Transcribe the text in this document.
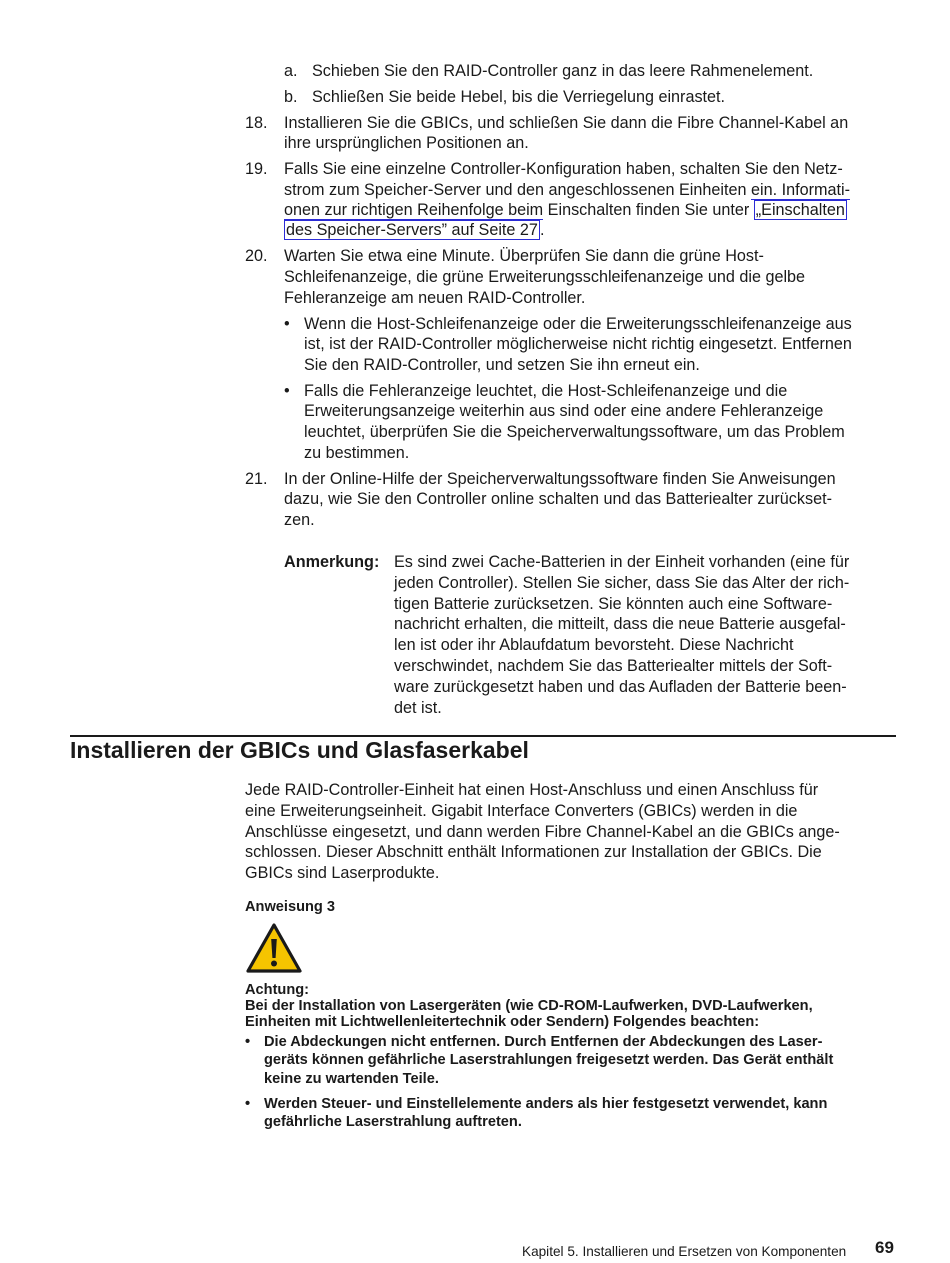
a. Schieben Sie den RAID-Controller ganz in das leere Rahmenelement.
b. Schließen Sie beide Hebel, bis die Verriegelung einrastet.
18. Installieren Sie die GBICs, und schließen Sie dann die Fibre Channel-Kabel an
ihre ursprünglichen Positionen an.
19. Falls Sie eine einzelne Controller-Konfiguration haben, schalten Sie den Netz-
strom zum Speicher-Server und den angeschlossenen Einheiten ein. Informati-
onen zur richtigen Reihenfolge beim Einschalten finden Sie unter „Einschalten
des Speicher-Servers” auf Seite 27 .
20. Warten Sie etwa eine Minute. Überprüfen Sie dann die grüne Host-
Schleifenanzeige, die grüne Erweiterungsschleifenanzeige und die gelbe
Fehleranzeige am neuen RAID-Controller.
• Wenn die Host-Schleifenanzeige oder die Erweiterungsschleifenanzeige aus
ist, ist der RAID-Controller möglicherweise nicht richtig eingesetzt. Entfernen
Sie den RAID-Controller, und setzen Sie ihn erneut ein.
• Falls die Fehleranzeige leuchtet, die Host-Schleifenanzeige und die
Erweiterungsanzeige weiterhin aus sind oder eine andere Fehleranzeige
leuchtet, überprüfen Sie die Speicherverwaltungssoftware, um das Problem
zu bestimmen.
21. In der Online-Hilfe der Speicherverwaltungssoftware finden Sie Anweisungen
dazu, wie Sie den Controller online schalten und das Batteriealter zurückset-
zen.
Anmerkung: Es sind zwei Cache-Batterien in der Einheit vorhanden (eine für
jeden Controller). Stellen Sie sicher, dass Sie das Alter der rich-
tigen Batterie zurücksetzen. Sie könnten auch eine Software-
nachricht erhalten, die mitteilt, dass die neue Batterie ausgefal-
len ist oder ihr Ablaufdatum bevorsteht. Diese Nachricht
verschwindet, nachdem Sie das Batteriealter mittels der Soft-
ware zurückgesetzt haben und das Aufladen der Batterie been-
det ist.
Installieren der GBICs und Glasfaserkabel
Jede RAID-Controller-Einheit hat einen Host-Anschluss und einen Anschluss für
eine Erweiterungseinheit. Gigabit Interface Converters (GBICs) werden in die
Anschlüsse eingesetzt, und dann werden Fibre Channel-Kabel an die GBICs ange-
schlossen. Dieser Abschnitt enthält Informationen zur Installation der GBICs. Die
GBICs sind Laserprodukte.
Anweisung 3
Achtung:
Bei der Installation von Lasergeräten (wie CD-ROM-Laufwerken, DVD-Laufwerken,
Einheiten mit Lichtwellenleitertechnik oder Sendern) Folgendes beachten:
• Die Abdeckungen nicht entfernen. Durch Entfernen der Abdeckungen des Laser-
geräts können gefährliche Laserstrahlungen freigesetzt werden. Das Gerät enthält
keine zu wartenden Teile.
• Werden Steuer- und Einstellelemente anders als hier festgesetzt verwendet, kann
gefährliche Laserstrahlung auftreten.
Kapitel 5. Installieren und Ersetzen von Komponenten 69
